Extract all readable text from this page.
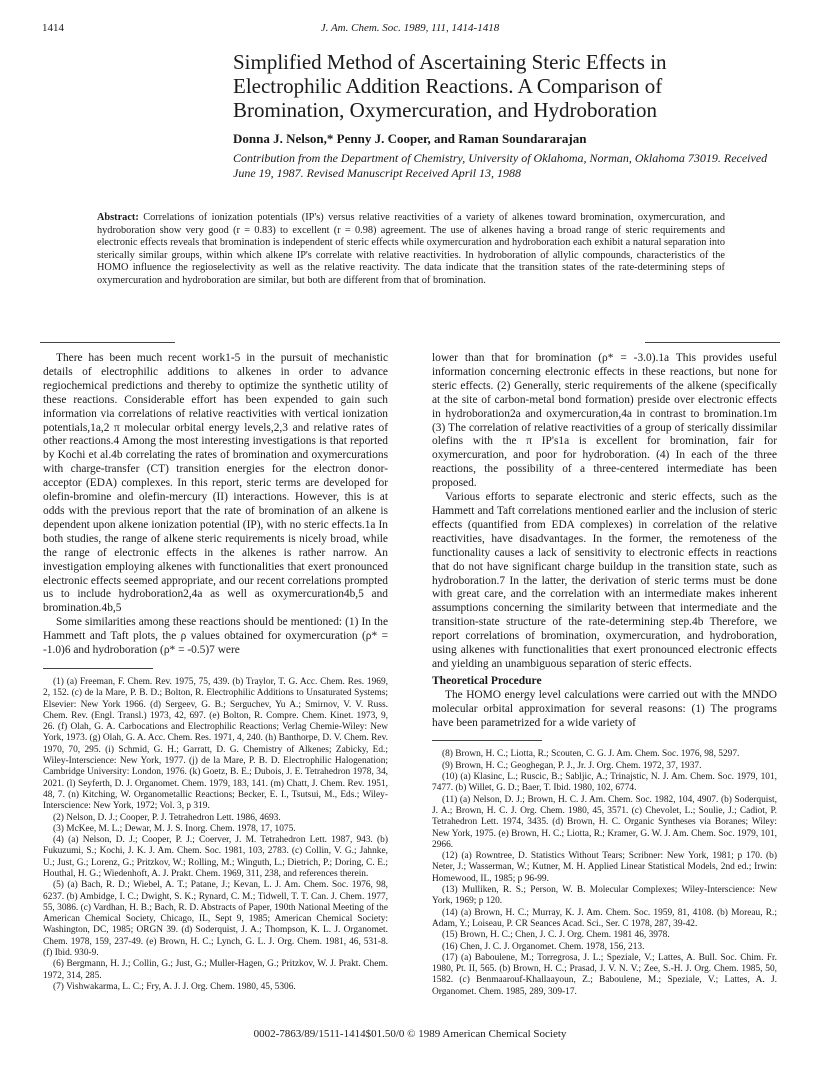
1414	J. Am. Chem. Soc. 1989, 111, 1414-1418
Simplified Method of Ascertaining Steric Effects in Electrophilic Addition Reactions. A Comparison of Bromination, Oxymercuration, and Hydroboration
Donna J. Nelson,* Penny J. Cooper, and Raman Soundararajan
Contribution from the Department of Chemistry, University of Oklahoma, Norman, Oklahoma 73019. Received June 19, 1987. Revised Manuscript Received April 13, 1988
Abstract: Correlations of ionization potentials (IP's) versus relative reactivities of a variety of alkenes toward bromination, oxymercuration, and hydroboration show very good (r = 0.83) to excellent (r = 0.98) agreement. The use of alkenes having a broad range of steric requirements and electronic effects reveals that bromination is independent of steric effects while oxymercuration and hydroboration each exhibit a natural separation into sterically similar groups, within which alkene IP's correlate with relative reactivities. In hydroboration of allylic compounds, characteristics of the HOMO influence the regioselectivity as well as the relative reactivity. The data indicate that the transition states of the rate-determining steps of oxymercuration and hydroboration are similar, but both are different from that of bromination.

There has been much recent work1-5 in the pursuit of mechanistic details of electrophilic additions to alkenes in order to advance regiochemical predictions and thereby to optimize the synthetic utility of these reactions. Considerable effort has been expended to gain such information via correlations of relative reactivities with vertical ionization potentials,1a,2 π molecular orbital energy levels,2,3 and relative rates of other reactions.4 Among the most interesting investigations is that reported by Kochi et al.4b correlating the rates of bromination and oxymercurations with charge-transfer (CT) transition energies for the electron donor-acceptor (EDA) complexes. In this report, steric terms are developed for olefin-bromine and olefin-mercury (II) interactions. However, this is at odds with the previous report that the rate of bromination of an alkene is dependent upon alkene ionization potential (IP), with no steric effects.1a In both studies, the range of alkene steric requirements is nicely broad, while the range of electronic effects in the alkenes is rather narrow. An investigation employing alkenes with functionalities that exert pronounced electronic effects seemed appropriate, and our recent correlations prompted us to include hydroboration2,4a as well as oxymercuration4b,5 and bromination.4b,5

Some similarities among these reactions should be mentioned: (1) In the Hammett and Taft plots, the ρ values obtained for oxymercuration (ρ* = -1.0)6 and hydroboration (ρ* = -0.5)7 were

(1) (a) Freeman, F. Chem. Rev. 1975, 75, 439. (b) Traylor, T. G. Acc. Chem. Res. 1969, 2, 152. (c) de la Mare, P. B. D.; Bolton, R. Electrophilic Additions to Unsaturated Systems; Elsevier: New York 1966. (d) Sergeev, G. B.; Serguchev, Yu A.; Smirnov, V. V. Russ. Chem. Rev. (Engl. Transl.) 1973, 42, 697. (e) Bolton, R. Compre. Chem. Kinet. 1973, 9, 26. (f) Olah, G. A. Carbocations and Electrophilic Reactions; Verlag Chemie-Wiley: New York, 1973. (g) Olah, G. A. Acc. Chem. Res. 1971, 4, 240. (h) Banthorpe, D. V. Chem. Rev. 1970, 70, 295. (i) Schmid, G. H.; Garratt, D. G. Chemistry of Alkenes; Zabicky, Ed.; Wiley-Interscience: New York, 1977. (j) de la Mare, P. B. D. Electrophilic Halogenation; Cambridge University: London, 1976. (k) Goetz, B. E.; Dubois, J. E. Tetrahedron 1978, 34, 2021. (l) Seyferth, D. J. Organomet. Chem. 1979, 183, 141. (m) Chatt, J. Chem. Rev. 1951, 48, 7. (n) Kitching, W. Organometallic Reactions; Becker, E. I., Tsutsui, M., Eds.; Wiley-Interscience: New York, 1972; Vol. 3, p 319.

(2) Nelson, D. J.; Cooper, P. J. Tetrahedron Lett. 1986, 4693.

(3) McKee, M. L.; Dewar, M. J. S. Inorg. Chem. 1978, 17, 1075.

(4) (a) Nelson, D. J.; Cooper, P. J.; Coerver, J. M. Tetrahedron Lett. 1987, 943. (b) Fukuzumi, S.; Kochi, J. K. J. Am. Chem. Soc. 1981, 103, 2783. (c) Collin, V. G.; Jahnke, U.; Just, G.; Lorenz, G.; Pritzkov, W.; Rolling, M.; Winguth, L.; Dietrich, P.; Doring, C. E.; Houthal, H. G.; Wiedenhoft, A. J. Prakt. Chem. 1969, 311, 238, and references therein.

(5) (a) Bach, R. D.; Wiebel, A. T.; Patane, J.; Kevan, L. J. Am. Chem. Soc. 1976, 98, 6237. (b) Ambidge, I. C.; Dwight, S. K.; Rynard, C. M.; Tidwell, T. T. Can. J. Chem. 1977, 55, 3086. (c) Vardhan, H. B.; Bach, R. D. Abstracts of Paper, 190th National Meeting of the American Chemical Society, Chicago, IL, Sept 9, 1985; American Chemical Society: Washington, DC, 1985; ORGN 39. (d) Soderquist, J. A.; Thompson, K. L. J. Organomet. Chem. 1978, 159, 237-49. (e) Brown, H. C.; Lynch, G. L. J. Org. Chem. 1981, 46, 531-8. (f) Ibid. 930-9.

(6) Bergmann, H. J.; Collin, G.; Just, G.; Muller-Hagen, G.; Pritzkov, W. J. Prakt. Chem. 1972, 314, 285.

(7) Vishwakarma, L. C.; Fry, A. J. J. Org. Chem. 1980, 45, 5306.

lower than that for bromination (ρ* = -3.0).1a This provides useful information concerning electronic effects in these reactions, but none for steric effects. (2) Generally, steric requirements of the alkene (specifically at the site of carbon-metal bond formation) preside over electronic effects in hydroboration2a and oxymercuration,4a in contrast to bromination.1m (3) The correlation of relative reactivities of a group of sterically dissimilar olefins with the π IP's1a is excellent for bromination, fair for oxymercuration, and poor for hydroboration. (4) In each of the three reactions, the possibility of a three-centered intermediate has been proposed.

Various efforts to separate electronic and steric effects, such as the Hammett and Taft correlations mentioned earlier and the inclusion of steric effects (quantified from EDA complexes) in correlation of the relative reactivities, have disadvantages. In the former, the remoteness of the functionality causes a lack of sensitivity to electronic effects in reactions that do not have significant charge buildup in the transition state, such as hydroboration.7 In the latter, the derivation of steric terms must be done with great care, and the correlation with an intermediate makes inherent assumptions concerning the similarity between that intermediate and the transition-state structure of the rate-determining step.4b Therefore, we report correlations of bromination, oxymercuration, and hydroboration, using alkenes with functionalities that exert pronounced electronic effects and yielding an unambiguous separation of steric effects.

Theoretical Procedure

The HOMO energy level calculations were carried out with the MNDO molecular orbital approximation for several reasons: (1) The programs have been parametrized for a wide variety of

(8) Brown, H. C.; Liotta, R.; Scouten, C. G. J. Am. Chem. Soc. 1976, 98, 5297.

(9) Brown, H. C.; Geoghegan, P. J., Jr. J. Org. Chem. 1972, 37, 1937.

(10) (a) Klasinc, L.; Ruscic, B.; Sabljic, A.; Trinajstic, N. J. Am. Chem. Soc. 1979, 101, 7477. (b) Willet, G. D.; Baer, T. Ibid. 1980, 102, 6774.

(11) (a) Nelson, D. J.; Brown, H. C. J. Am. Chem. Soc. 1982, 104, 4907. (b) Soderquist, J. A.; Brown, H. C. J. Org. Chem. 1980, 45, 3571. (c) Chevolet, L.; Soulie, J.; Cadiot, P. Tetrahedron Lett. 1974, 3435. (d) Brown, H. C. Organic Syntheses via Boranes; Wiley: New York, 1975. (e) Brown, H. C.; Liotta, R.; Kramer, G. W. J. Am. Chem. Soc. 1979, 101, 2966.

(12) (a) Rowntree, D. Statistics Without Tears; Scribner: New York, 1981; p 170. (b) Neter, J.; Wasserman, W.; Kutner, M. H. Applied Linear Statistical Models, 2nd ed.; Irwin: Homewood, IL, 1985; p 96-99.

(13) Mulliken, R. S.; Person, W. B. Molecular Complexes; Wiley-Interscience: New York, 1969; p 120.

(14) (a) Brown, H. C.; Murray, K. J. Am. Chem. Soc. 1959, 81, 4108. (b) Moreau, R.; Adam, Y.; Loiseau, P. CR Seances Acad. Sci., Ser. C 1978, 287, 39-42.

(15) Brown, H. C.; Chen, J. C. J. Org. Chem. 1981 46, 3978.

(16) Chen, J. C. J. Organomet. Chem. 1978, 156, 213.

(17) (a) Baboulene, M.; Torregrosa, J. L.; Speziale, V.; Lattes, A. Bull. Soc. Chim. Fr. 1980, Pt. II, 565. (b) Brown, H. C.; Prasad, J. V. N. V.; Zee, S.-H. J. Org. Chem. 1985, 50, 1582. (c) Benmaarouf-Khallaayoun, Z.; Baboulene, M.; Speziale, V.; Lattes, A. J. Organomet. Chem. 1985, 289, 309-17.

0002-7863/89/1511-1414$01.50/0 © 1989 American Chemical Society
